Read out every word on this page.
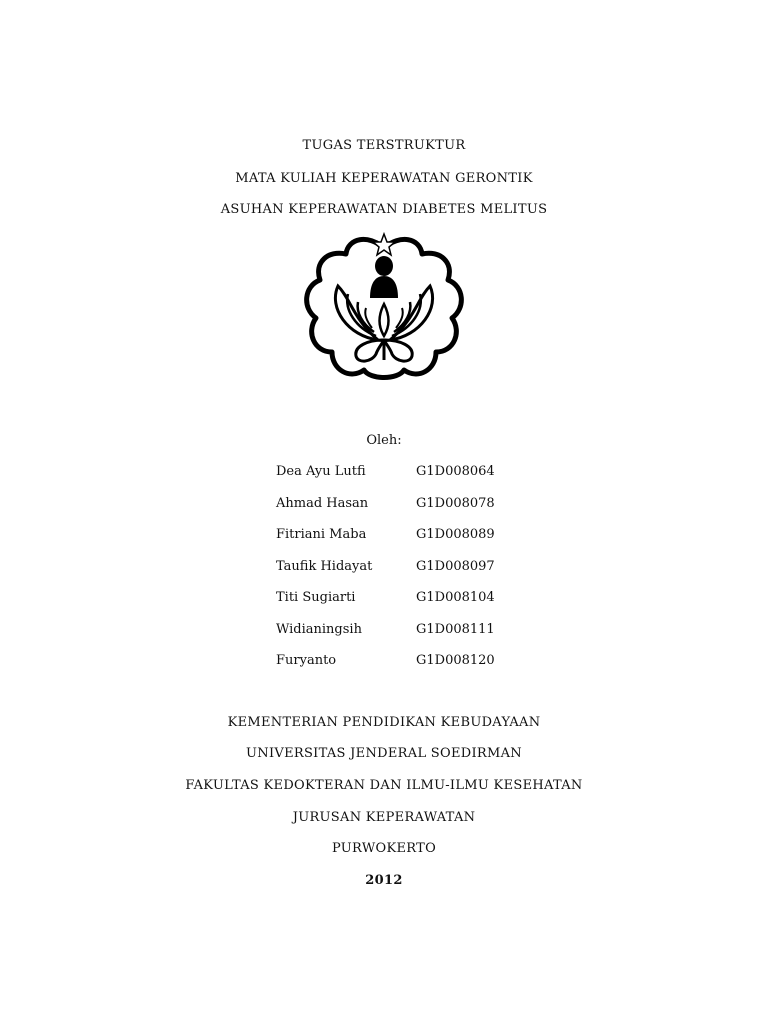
TUGAS TERSTRUKTUR
MATA KULIAH KEPERAWATAN GERONTIK
ASUHAN KEPERAWATAN DIABETES MELITUS
Oleh:
Dea Ayu Lutfi	G1D008064
Ahmad Hasan	G1D008078
Fitriani Maba	G1D008089
Taufik Hidayat	G1D008097
Titi Sugiarti	G1D008104
Widianingsih	G1D008111
Furyanto	G1D008120
KEMENTERIAN PENDIDIKAN KEBUDAYAAN
UNIVERSITAS JENDERAL SOEDIRMAN
FAKULTAS KEDOKTERAN DAN ILMU-ILMU KESEHATAN
JURUSAN KEPERAWATAN
PURWOKERTO
2012
